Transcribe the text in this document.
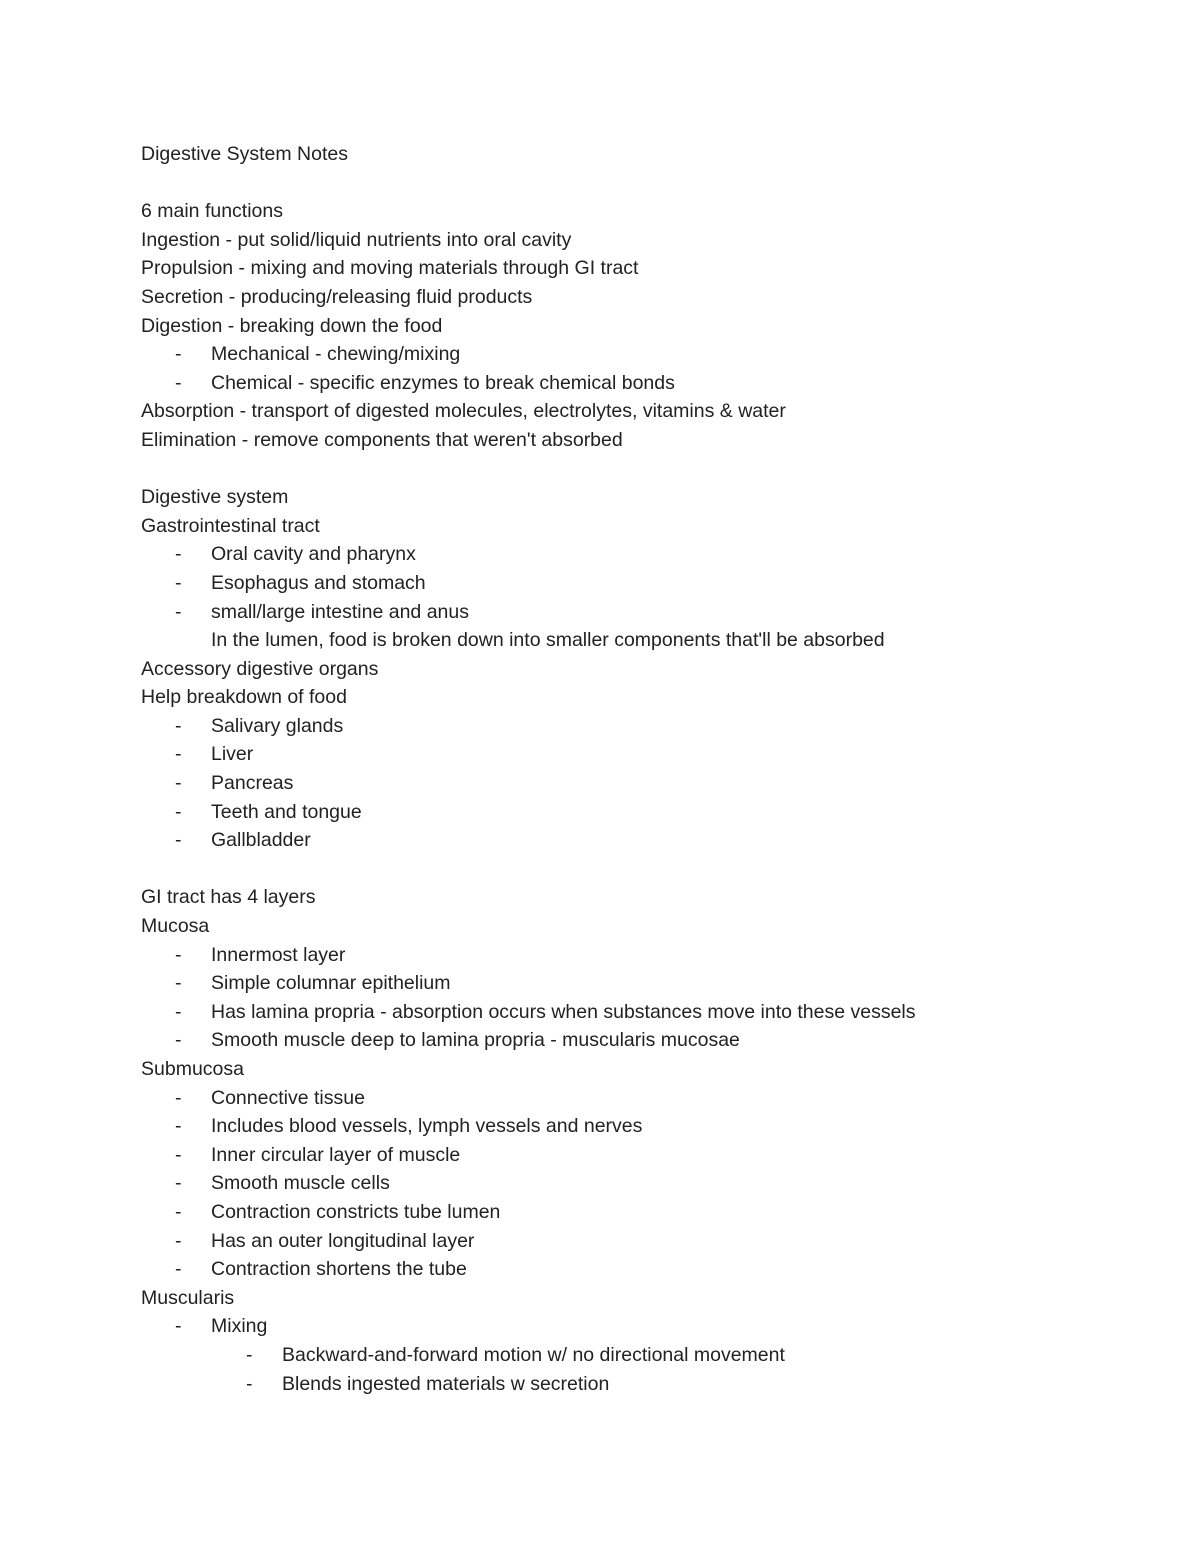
Digestive System Notes
6 main functions
Ingestion - put solid/liquid nutrients into oral cavity
Propulsion - mixing and moving materials through GI tract
Secretion - producing/releasing fluid products
Digestion - breaking down the food
- Mechanical - chewing/mixing
- Chemical - specific enzymes to break chemical bonds
Absorption - transport of digested molecules, electrolytes, vitamins & water
Elimination - remove components that weren't absorbed
Digestive system
Gastrointestinal tract
- Oral cavity and pharynx
- Esophagus and stomach
- small/large intestine and anus
In the lumen, food is broken down into smaller components that'll be absorbed
Accessory digestive organs
Help breakdown of food
- Salivary glands
- Liver
- Pancreas
- Teeth and tongue
- Gallbladder
GI tract has 4 layers
Mucosa
- Innermost layer
- Simple columnar epithelium
- Has lamina propria - absorption occurs when substances move into these vessels
- Smooth muscle deep to lamina propria - muscularis mucosae
Submucosa
- Connective tissue
- Includes blood vessels, lymph vessels and nerves
- Inner circular layer of muscle
- Smooth muscle cells
- Contraction constricts tube lumen
- Has an outer longitudinal layer
- Contraction shortens the tube
Muscularis
- Mixing
- Backward-and-forward motion w/ no directional movement
- Blends ingested materials w secretion
